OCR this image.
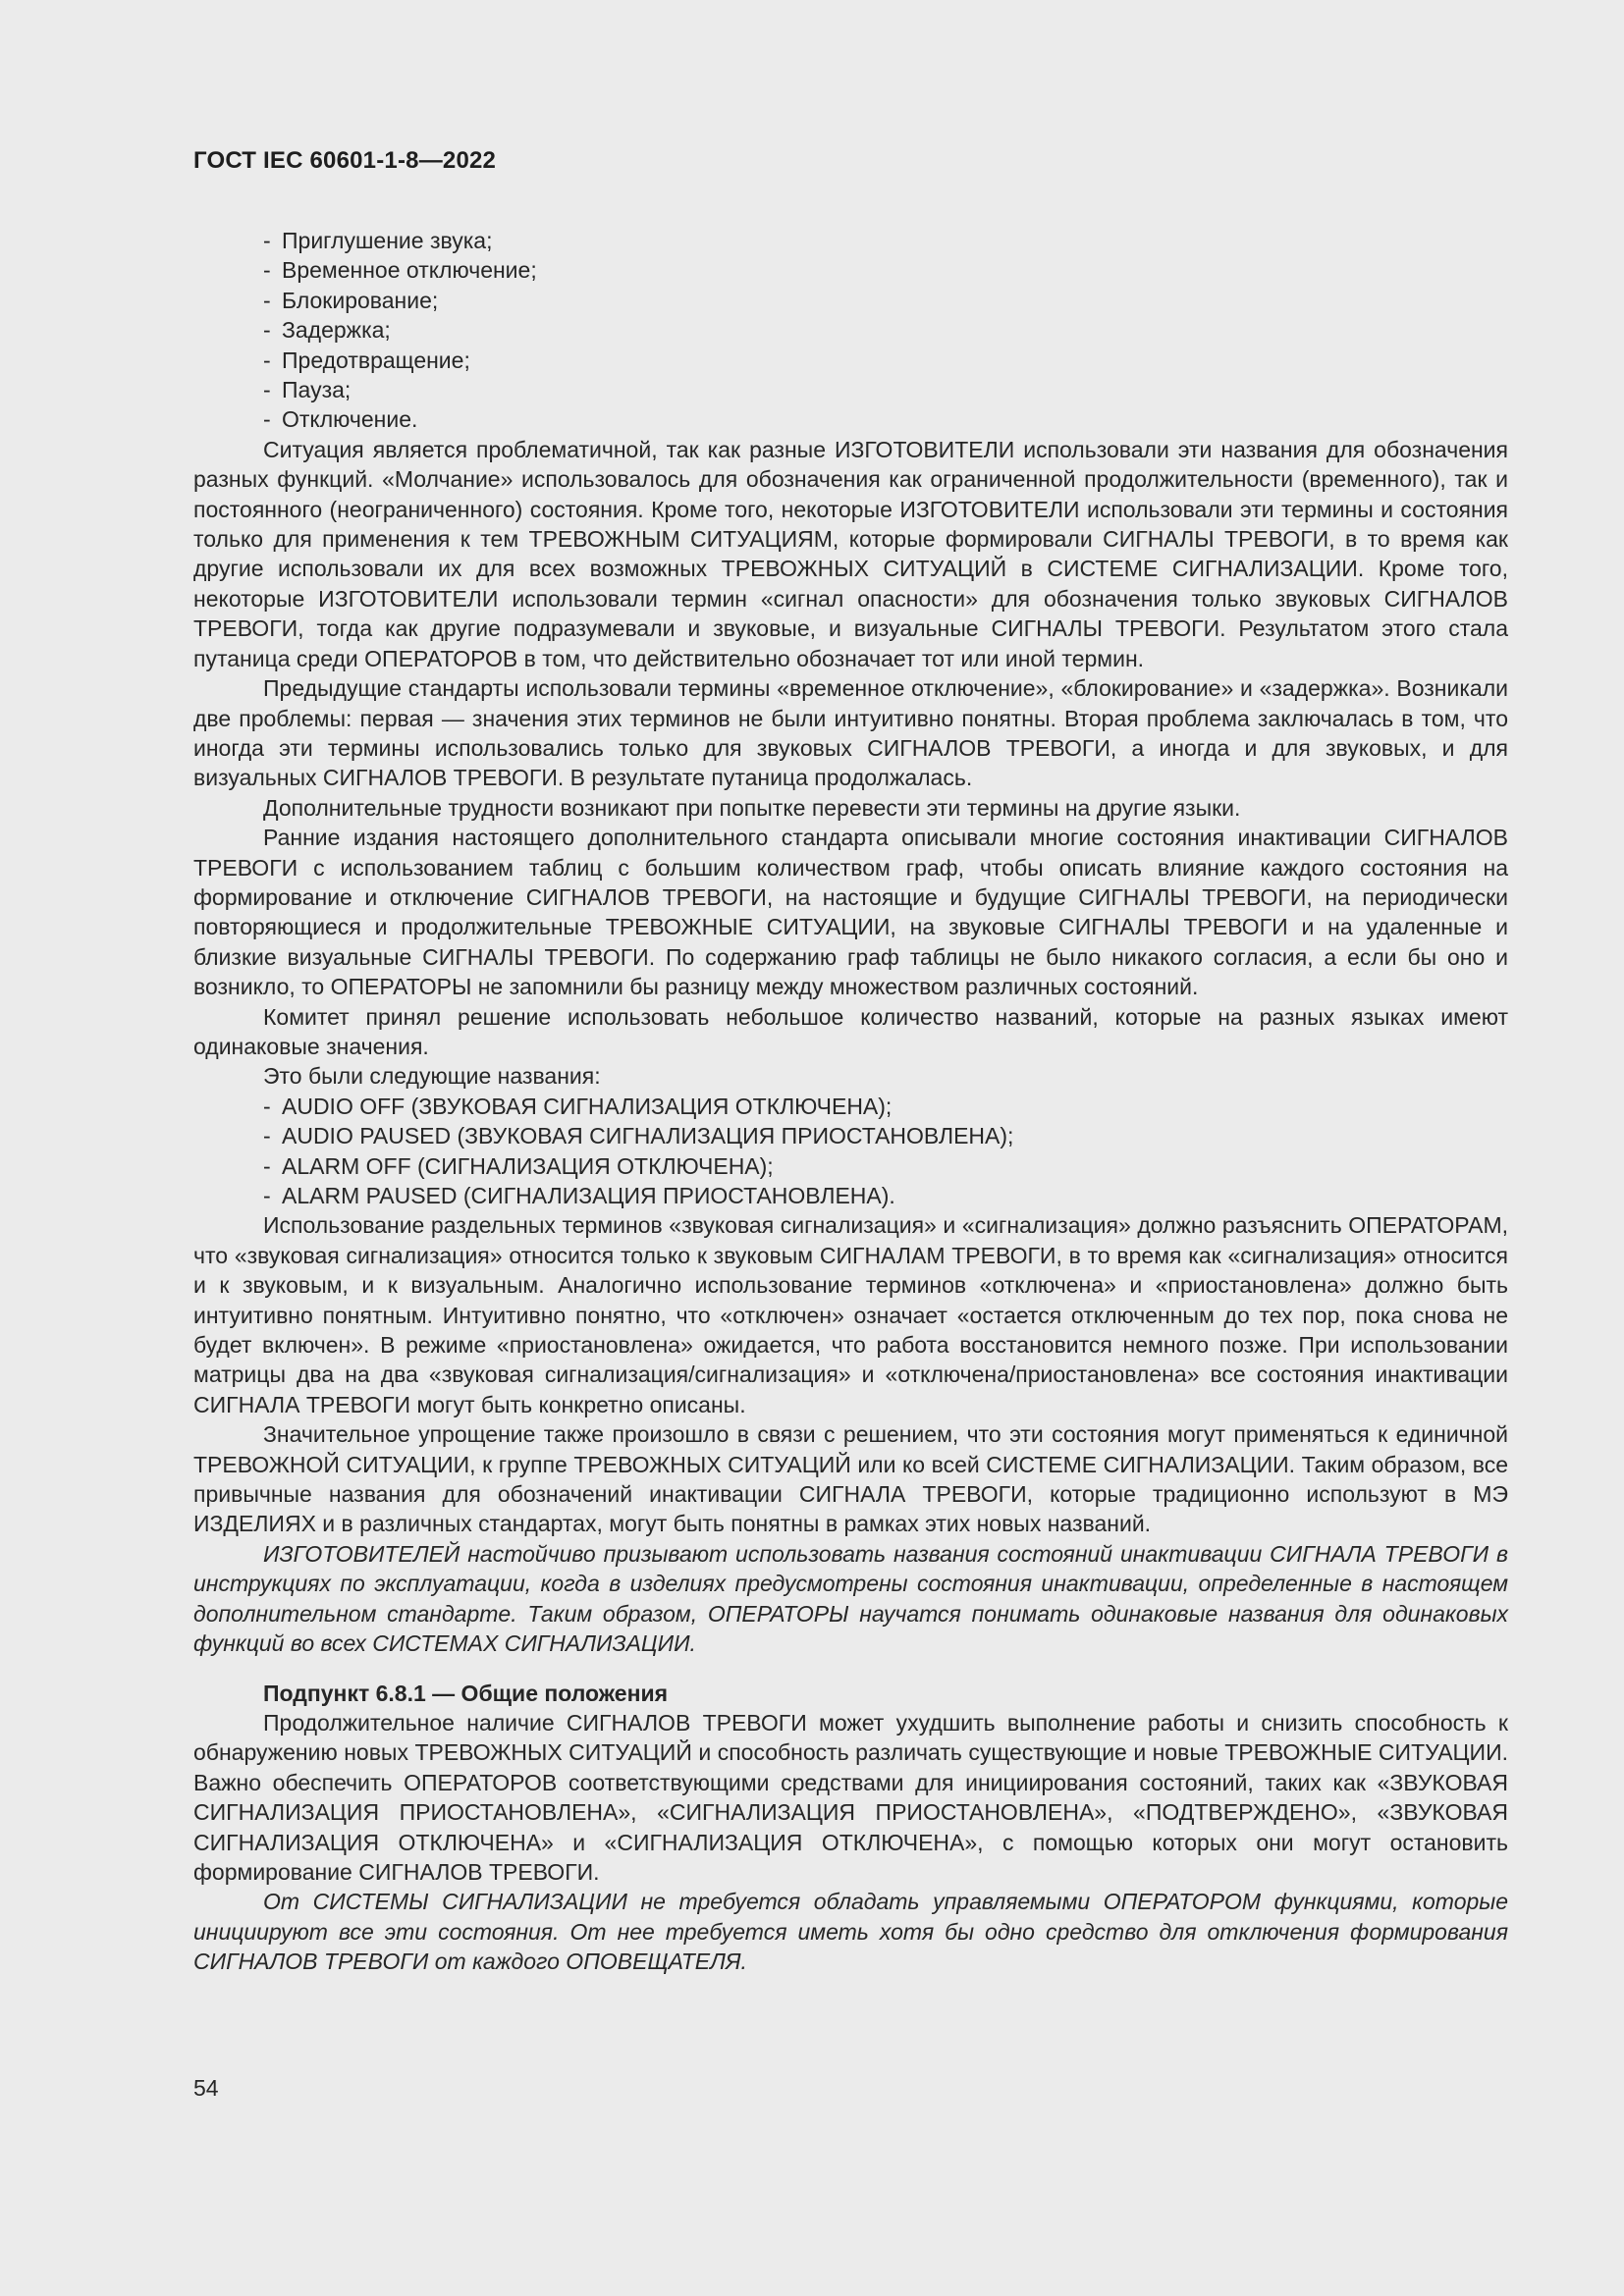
ГОСТ IEC 60601-1-8—2022
- Приглушение звука;
- Временное отключение;
- Блокирование;
- Задержка;
- Предотвращение;
- Пауза;
- Отключение.

Ситуация является проблематичной, так как разные ИЗГОТОВИТЕЛИ использовали эти названия для обозначения разных функций. «Молчание» использовалось для обозначения как ограниченной продолжительности (временного), так и постоянного (неограниченного) состояния. Кроме того, некоторые ИЗГОТОВИТЕЛИ использовали эти термины и состояния только для применения к тем ТРЕВОЖНЫМ СИТУАЦИЯМ, которые формировали СИГНАЛЫ ТРЕВОГИ, в то время как другие использовали их для всех возможных ТРЕВОЖНЫХ СИТУАЦИЙ в СИСТЕМЕ СИГНАЛИЗАЦИИ. Кроме того, некоторые ИЗГОТОВИТЕЛИ использовали термин «сигнал опасности» для обозначения только звуковых СИГНАЛОВ ТРЕВОГИ, тогда как другие подразумевали и звуковые, и визуальные СИГНАЛЫ ТРЕВОГИ. Результатом этого стала путаница среди ОПЕРАТОРОВ в том, что действительно обозначает тот или иной термин.

Предыдущие стандарты использовали термины «временное отключение», «блокирование» и «задержка». Возникали две проблемы: первая — значения этих терминов не были интуитивно понятны. Вторая проблема заключалась в том, что иногда эти термины использовались только для звуковых СИГНАЛОВ ТРЕВОГИ, а иногда и для звуковых, и для визуальных СИГНАЛОВ ТРЕВОГИ. В результате путаница продолжалась.

Дополнительные трудности возникают при попытке перевести эти термины на другие языки.

Ранние издания настоящего дополнительного стандарта описывали многие состояния инактивации СИГНАЛОВ ТРЕВОГИ с использованием таблиц с большим количеством граф, чтобы описать влияние каждого состояния на формирование и отключение СИГНАЛОВ ТРЕВОГИ, на настоящие и будущие СИГНАЛЫ ТРЕВОГИ, на периодически повторяющиеся и продолжительные ТРЕВОЖНЫЕ СИТУАЦИИ, на звуковые СИГНАЛЫ ТРЕВОГИ и на удаленные и близкие визуальные СИГНАЛЫ ТРЕВОГИ. По содержанию граф таблицы не было никакого согласия, а если бы оно и возникло, то ОПЕРАТОРЫ не запомнили бы разницу между множеством различных состояний.

Комитет принял решение использовать небольшое количество названий, которые на разных языках имеют одинаковые значения.

Это были следующие названия:

- AUDIO OFF (ЗВУКОВАЯ СИГНАЛИЗАЦИЯ ОТКЛЮЧЕНА);
- AUDIO PAUSED (ЗВУКОВАЯ СИГНАЛИЗАЦИЯ ПРИОСТАНОВЛЕНА);
- ALARM OFF (СИГНАЛИЗАЦИЯ ОТКЛЮЧЕНА);
- ALARM PAUSED (СИГНАЛИЗАЦИЯ ПРИОСТАНОВЛЕНА).

Использование раздельных терминов «звуковая сигнализация» и «сигнализация» должно разъяснить ОПЕРАТОРАМ, что «звуковая сигнализация» относится только к звуковым СИГНАЛАМ ТРЕВОГИ, в то время как «сигнализация» относится и к звуковым, и к визуальным. Аналогично использование терминов «отключена» и «приостановлена» должно быть интуитивно понятным. Интуитивно понятно, что «отключен» означает «остается отключенным до тех пор, пока снова не будет включен». В режиме «приостановлена» ожидается, что работа восстановится немного позже. При использовании матрицы два на два «звуковая сигнализация/сигнализация» и «отключена/приостановлена» все состояния инактивации СИГНАЛА ТРЕВОГИ могут быть конкретно описаны.

Значительное упрощение также произошло в связи с решением, что эти состояния могут применяться к единичной ТРЕВОЖНОЙ СИТУАЦИИ, к группе ТРЕВОЖНЫХ СИТУАЦИЙ или ко всей СИСТЕМЕ СИГНАЛИЗАЦИИ. Таким образом, все привычные названия для обозначений инактивации СИГНАЛА ТРЕВОГИ, которые традиционно используют в МЭ ИЗДЕЛИЯХ и в различных стандартах, могут быть понятны в рамках этих новых названий.

ИЗГОТОВИТЕЛЕЙ настойчиво призывают использовать названия состояний инактивации СИГНАЛА ТРЕВОГИ в инструкциях по эксплуатации, когда в изделиях предусмотрены состояния инактивации, определенные в настоящем дополнительном стандарте. Таким образом, ОПЕРАТОРЫ научатся понимать одинаковые названия для одинаковых функций во всех СИСТЕМАХ СИГНАЛИЗАЦИИ.

Подпункт 6.8.1 — Общие положения

Продолжительное наличие СИГНАЛОВ ТРЕВОГИ может ухудшить выполнение работы и снизить способность к обнаружению новых ТРЕВОЖНЫХ СИТУАЦИЙ и способность различать существующие и новые ТРЕВОЖНЫЕ СИТУАЦИИ. Важно обеспечить ОПЕРАТОРОВ соответствующими средствами для инициирования состояний, таких как «ЗВУКОВАЯ СИГНАЛИЗАЦИЯ ПРИОСТАНОВЛЕНА», «СИГНАЛИЗАЦИЯ ПРИОСТАНОВЛЕНА», «ПОДТВЕРЖДЕНО», «ЗВУКОВАЯ СИГНАЛИЗАЦИЯ ОТКЛЮЧЕНА» и «СИГНАЛИЗАЦИЯ ОТКЛЮЧЕНА», с помощью которых они могут остановить формирование СИГНАЛОВ ТРЕВОГИ.

От СИСТЕМЫ СИГНАЛИЗАЦИИ не требуется обладать управляемыми ОПЕРАТОРОМ функциями, которые инициируют все эти состояния. От нее требуется иметь хотя бы одно средство для отключения формирования СИГНАЛОВ ТРЕВОГИ от каждого ОПОВЕЩАТЕЛЯ.

54
